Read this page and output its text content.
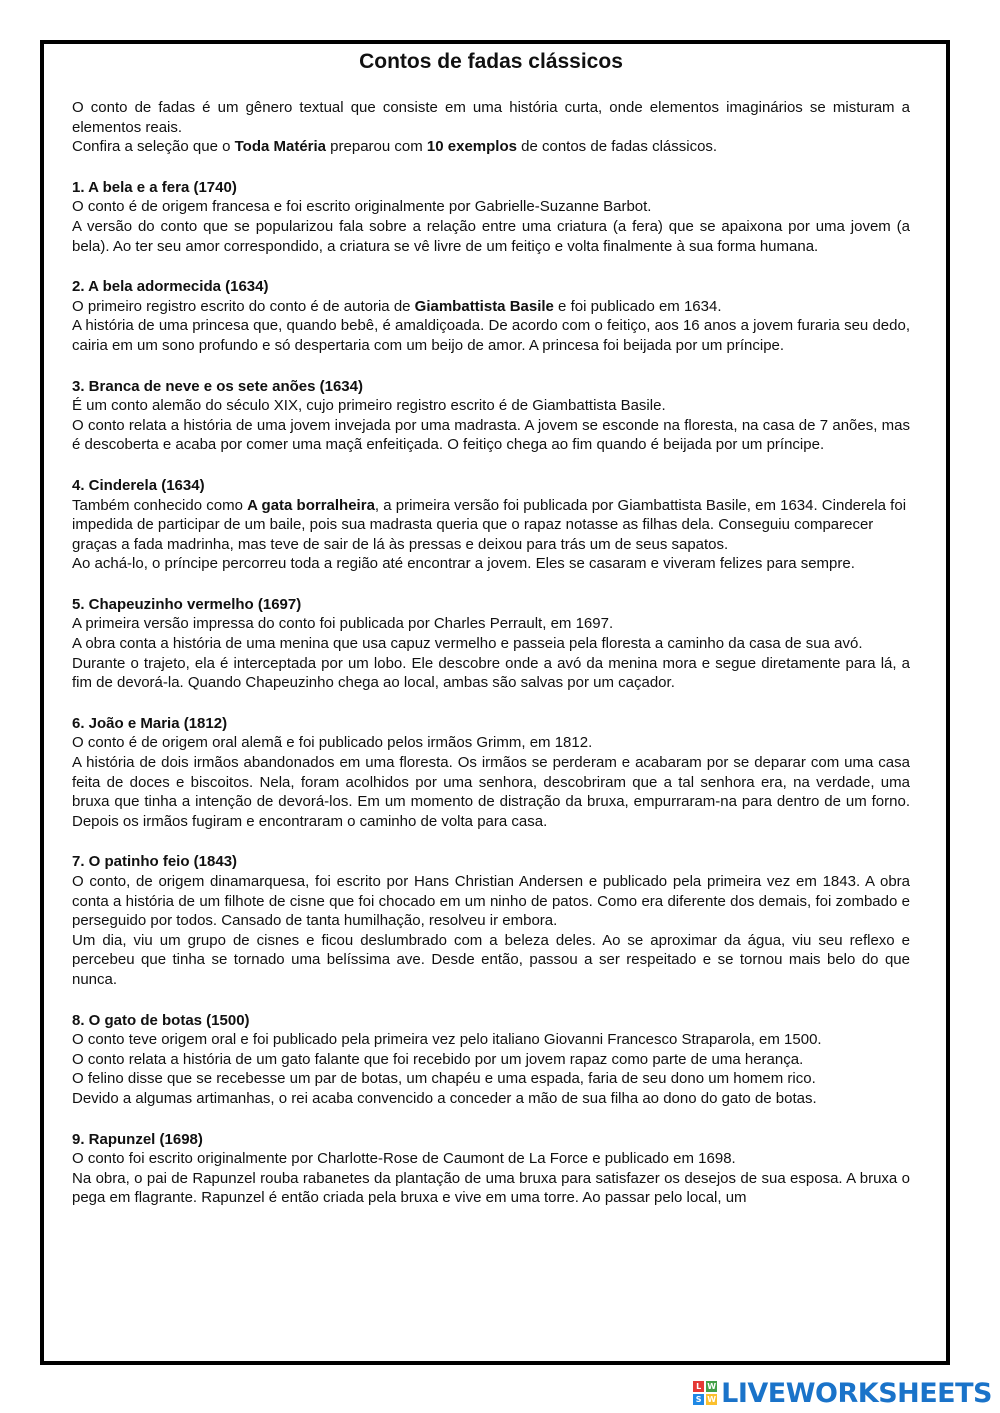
Contos de fadas clássicos

O conto de fadas é um gênero textual que consiste em uma história curta, onde elementos imaginários se misturam a elementos reais.

Confira a seleção que o Toda Matéria preparou com 10 exemplos de contos de fadas clássicos.

1. A bela e a fera (1740)

O conto é de origem francesa e foi escrito originalmente por Gabrielle-Suzanne Barbot.

A versão do conto que se popularizou fala sobre a relação entre uma criatura (a fera) que se apaixona por uma jovem (a bela). Ao ter seu amor correspondido, a criatura se vê livre de um feitiço e volta finalmente à sua forma humana.

2. A bela adormecida (1634)

O primeiro registro escrito do conto é de autoria de Giambattista Basile e foi publicado em 1634.

A história de uma princesa que, quando bebê, é amaldiçoada. De acordo com o feitiço, aos 16 anos a jovem furaria seu dedo, cairia em um sono profundo e só despertaria com um beijo de amor. A princesa foi beijada por um príncipe.

3. Branca de neve e os sete anões (1634)

É um conto alemão do século XIX, cujo primeiro registro escrito é de Giambattista Basile.

O conto relata a história de uma jovem invejada por uma madrasta. A jovem se esconde na floresta, na casa de 7 anões, mas é descoberta e acaba por comer uma maçã enfeitiçada. O feitiço chega ao fim quando é beijada por um príncipe.

4. Cinderela (1634)

Também conhecido como A gata borralheira, a primeira versão foi publicada por Giambattista Basile, em 1634. Cinderela foi impedida de participar de um baile, pois sua madrasta queria que o rapaz notasse as filhas dela. Conseguiu comparecer graças a fada madrinha, mas teve de sair de lá às pressas e deixou para trás um de seus sapatos.

Ao achá-lo, o príncipe percorreu toda a região até encontrar a jovem. Eles se casaram e viveram felizes para sempre.

5. Chapeuzinho vermelho (1697)

A primeira versão impressa do conto foi publicada por Charles Perrault, em 1697.

A obra conta a história de uma menina que usa capuz vermelho e passeia pela floresta a caminho da casa de sua avó.

Durante o trajeto, ela é interceptada por um lobo. Ele descobre onde a avó da menina mora e segue diretamente para lá, a fim de devorá-la. Quando Chapeuzinho chega ao local, ambas são salvas por um caçador.

6. João e Maria (1812)

O conto é de origem oral alemã e foi publicado pelos irmãos Grimm, em 1812.

A história de dois irmãos abandonados em uma floresta. Os irmãos se perderam e acabaram por se deparar com uma casa feita de doces e biscoitos. Nela, foram acolhidos por uma senhora, descobriram que a tal senhora era, na verdade, uma bruxa que tinha a intenção de devorá-los. Em um momento de distração da bruxa, empurraram-na para dentro de um forno. Depois os irmãos fugiram e encontraram o caminho de volta para casa.

7. O patinho feio (1843)

O conto, de origem dinamarquesa, foi escrito por Hans Christian Andersen e publicado pela primeira vez em 1843. A obra conta a história de um filhote de cisne que foi chocado em um ninho de patos. Como era diferente dos demais, foi zombado e perseguido por todos. Cansado de tanta humilhação, resolveu ir embora.

Um dia, viu um grupo de cisnes e ficou deslumbrado com a beleza deles. Ao se aproximar da água, viu seu reflexo e percebeu que tinha se tornado uma belíssima ave. Desde então, passou a ser respeitado e se tornou mais belo do que nunca.

8. O gato de botas (1500)

O conto teve origem oral e foi publicado pela primeira vez pelo italiano Giovanni Francesco Straparola, em 1500.

O conto relata a história de um gato falante que foi recebido por um jovem rapaz como parte de uma herança.

O felino disse que se recebesse um par de botas, um chapéu e uma espada, faria de seu dono um homem rico.

Devido a algumas artimanhas, o rei acaba convencido a conceder a mão de sua filha ao dono do gato de botas.

9. Rapunzel (1698)

O conto foi escrito originalmente por Charlotte-Rose de Caumont de La Force e publicado em 1698.

Na obra, o pai de Rapunzel rouba rabanetes da plantação de uma bruxa para satisfazer os desejos de sua esposa. A bruxa o pega em flagrante. Rapunzel é então criada pela bruxa e vive em uma torre. Ao passar pelo local, um

L W
S W LIVEWORKSHEETS
